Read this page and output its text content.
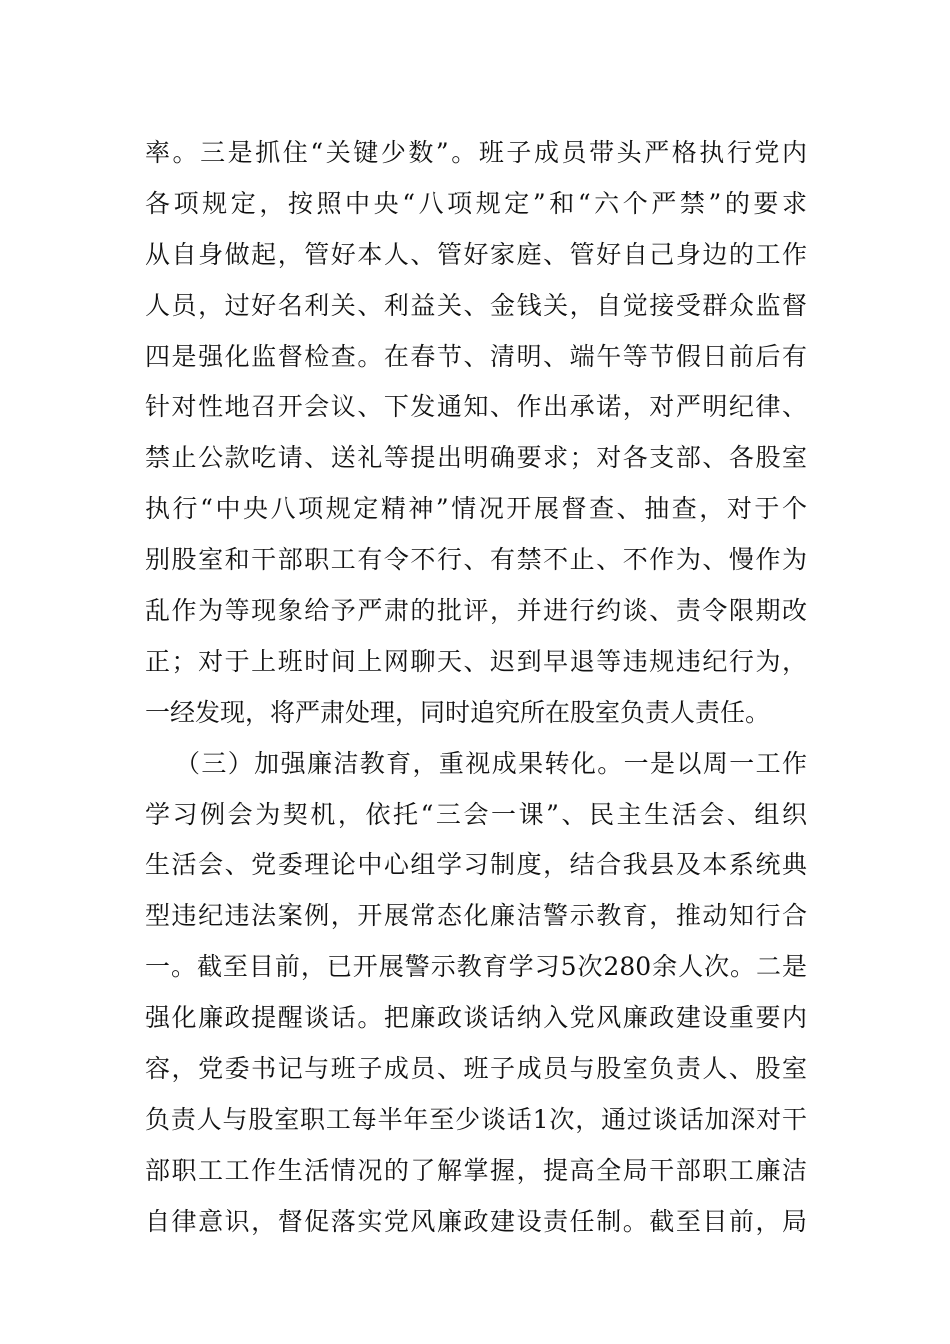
率。三是抓住“关键少数”。班子成员带头严格执行党内
各项规定，按照中央“八项规定”和“六个严禁”的要求
从自身做起，管好本人、管好家庭、管好自己身边的工作
人员，过好名利关、利益关、金钱关，自觉接受群众监督
四是强化监督检查。在春节、清明、端午等节假日前后有
针对性地召开会议、下发通知、作出承诺，对严明纪律、
禁止公款吃请、送礼等提出明确要求；对各支部、各股室
执行“中央八项规定精神”情况开展督查、抽查，对于个
别股室和干部职工有令不行、有禁不止、不作为、慢作为
乱作为等现象给予严肃的批评，并进行约谈、责令限期改
正；对于上班时间上网聊天、迟到早退等违规违纪行为，
一经发现，将严肃处理，同时追究所在股室负责人责任。
（三）加强廉洁教育，重视成果转化。一是以周一工作
学习例会为契机，依托“三会一课”、民主生活会、组织
生活会、党委理论中心组学习制度，结合我县及本系统典
型违纪违法案例，开展常态化廉洁警示教育，推动知行合
一。截至目前，已开展警示教育学习5次280余人次。二是
强化廉政提醒谈话。把廉政谈话纳入党风廉政建设重要内
容，党委书记与班子成员、班子成员与股室负责人、股室
负责人与股室职工每半年至少谈话1次，通过谈话加深对干
部职工工作生活情况的了解掌握，提高全局干部职工廉洁
自律意识，督促落实党风廉政建设责任制。截至目前，局
